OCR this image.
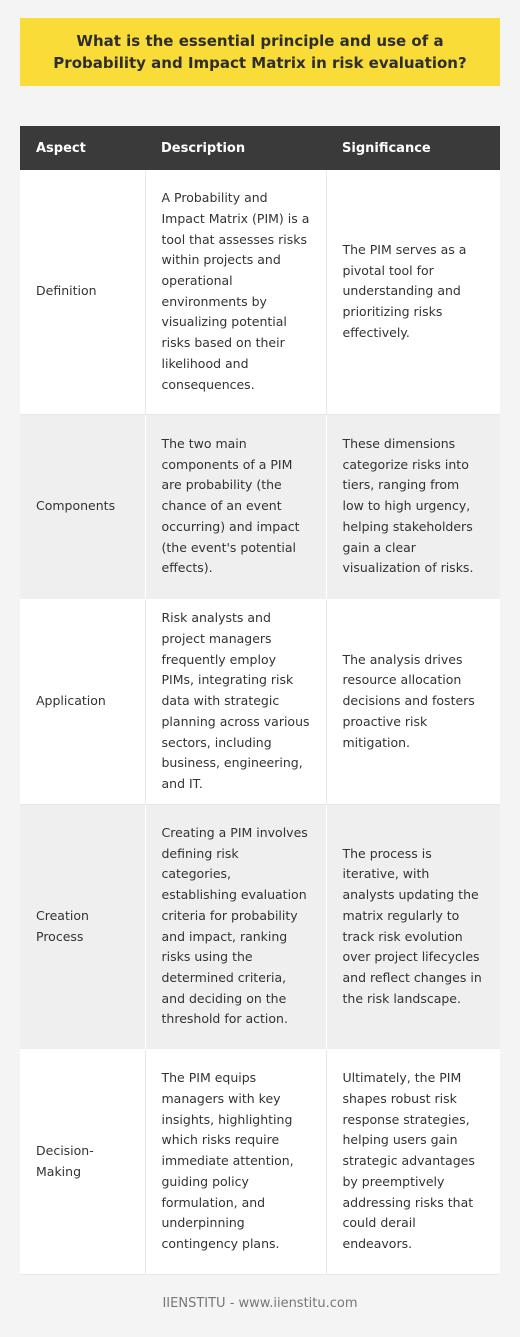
What is the essential principle and use of a Probability and Impact Matrix in risk evaluation?
Aspect	Description	Significance
Definition	A Probability and Impact Matrix (PIM) is a tool that assesses risks within projects and operational environments by visualizing potential risks based on their likelihood and consequences.	The PIM serves as a pivotal tool for understanding and prioritizing risks effectively.
Components	The two main components of a PIM are probability (the chance of an event occurring) and impact (the event's potential effects).	These dimensions categorize risks into tiers, ranging from low to high urgency, helping stakeholders gain a clear visualization of risks.
Application	Risk analysts and project managers frequently employ PIMs, integrating risk data with strategic planning across various sectors, including business, engineering, and IT.	The analysis drives resource allocation decisions and fosters proactive risk mitigation.
Creation Process	Creating a PIM involves defining risk categories, establishing evaluation criteria for probability and impact, ranking risks using the determined criteria, and deciding on the threshold for action.	The process is iterative, with analysts updating the matrix regularly to track risk evolution over project lifecycles and reflect changes in the risk landscape.
Decision-Making	The PIM equips managers with key insights, highlighting which risks require immediate attention, guiding policy formulation, and underpinning contingency plans.	Ultimately, the PIM shapes robust risk response strategies, helping users gain strategic advantages by preemptively addressing risks that could derail endeavors.
IIENSTITU - www.iienstitu.com
